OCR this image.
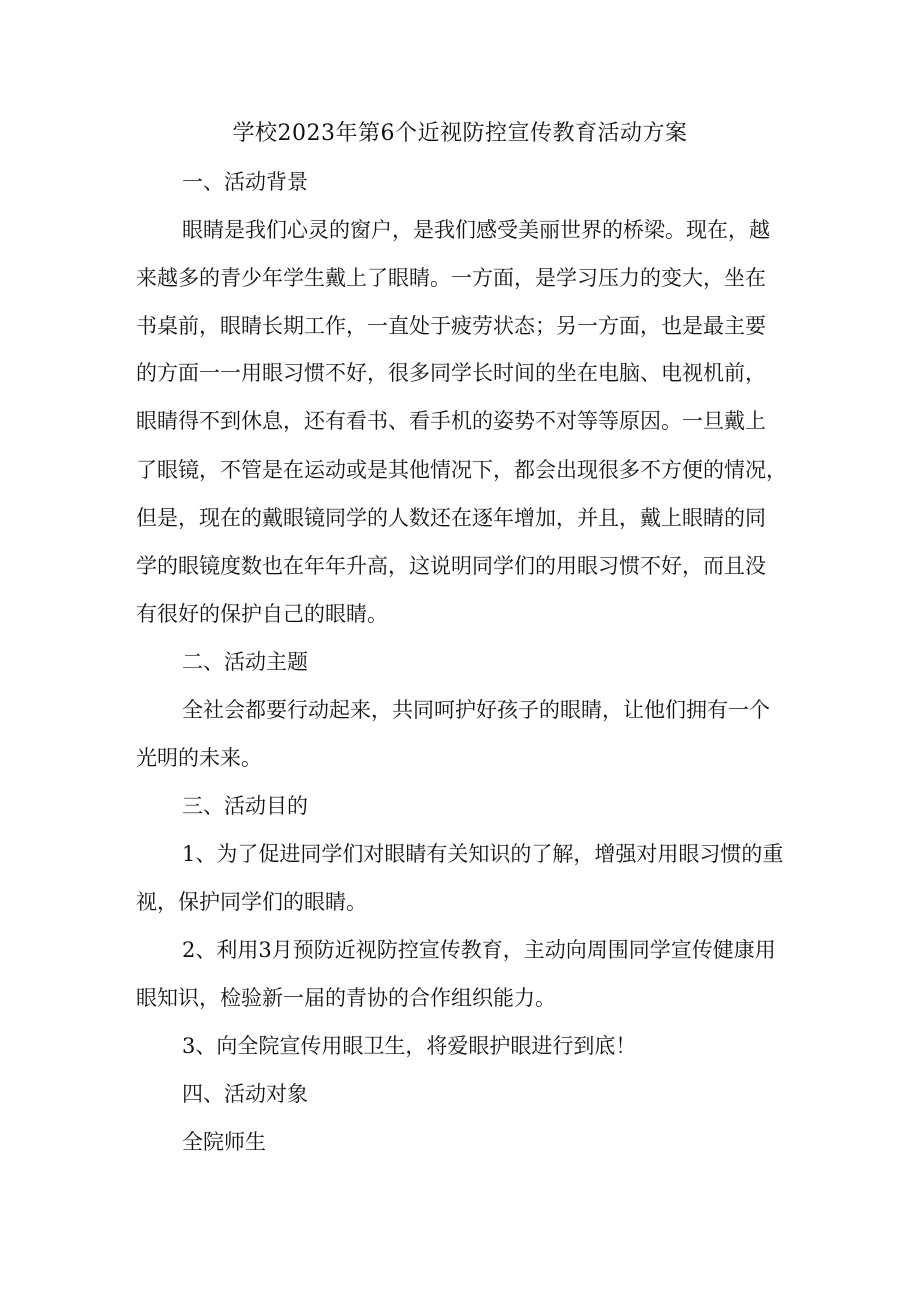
学校2023年第6个近视防控宣传教育活动方案
一、活动背景
眼睛是我们心灵的窗户，是我们感受美丽世界的桥梁。现在，越
来越多的青少年学生戴上了眼睛。一方面，是学习压力的变大，坐在
书桌前，眼睛长期工作，一直处于疲劳状态；另一方面，也是最主要
的方面一一用眼习惯不好，很多同学长时间的坐在电脑、电视机前，
眼睛得不到休息，还有看书、看手机的姿势不对等等原因。一旦戴上
了眼镜，不管是在运动或是其他情况下，都会出现很多不方便的情况，
但是，现在的戴眼镜同学的人数还在逐年增加，并且，戴上眼睛的同
学的眼镜度数也在年年升高，这说明同学们的用眼习惯不好，而且没
有很好的保护自己的眼睛。
二、活动主题
全社会都要行动起来，共同呵护好孩子的眼睛，让他们拥有一个
光明的未来。
三、活动目的
1、为了促进同学们对眼睛有关知识的了解，增强对用眼习惯的重
视，保护同学们的眼睛。
2、利用3月预防近视防控宣传教育，主动向周围同学宣传健康用
眼知识，检验新一届的青协的合作组织能力。
3、向全院宣传用眼卫生，将爱眼护眼进行到底！
四、活动对象
全院师生
